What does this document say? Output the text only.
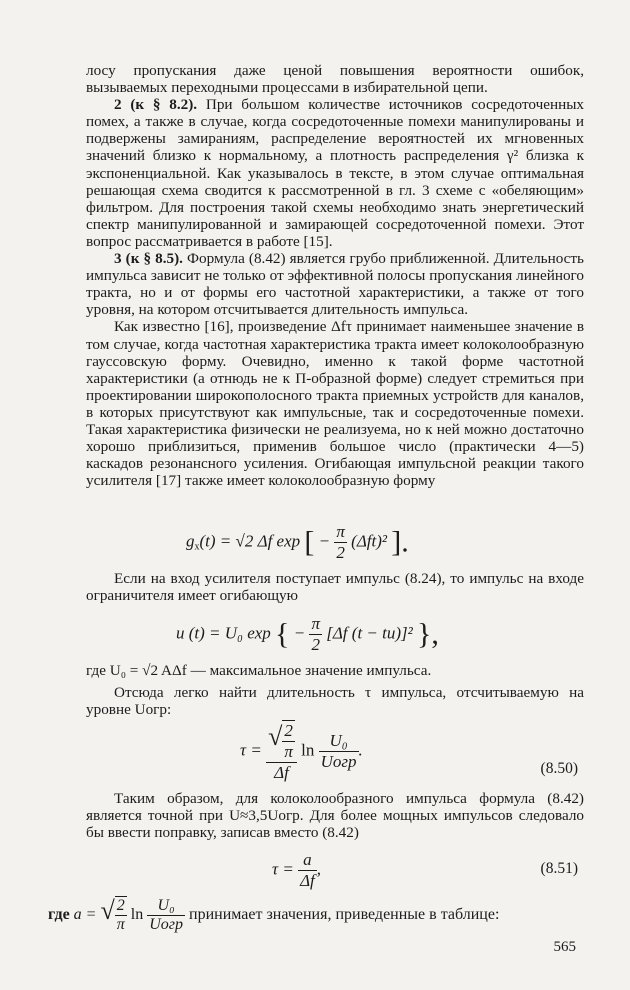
лосу пропускания даже ценой повышения вероятности ошибок, вызываемых переходными процессами в избирательной цепи.

2 (к § 8.2). При большом количестве источников сосредоточенных помех, а также в случае, когда сосредоточенные помехи манипулированы и подвержены замираниям, распределение вероятностей их мгновенных значений близко к нормальному, а плотность распределения γ² близка к экспоненциальной. Как указывалось в тексте, в этом случае оптимальная решающая схема сводится к рассмотренной в гл. 3 схеме с «обеляющим» фильтром. Для построения такой схемы необходимо знать энергетический спектр манипулированной и замирающей сосредоточенной помехи. Этот вопрос рассматривается в работе [15].

3 (к § 8.5). Формула (8.42) является грубо приближенной. Длительность импульса зависит не только от эффективной полосы пропускания линейного тракта, но и от формы его частотной характеристики, а также от того уровня, на котором отсчитывается длительность импульса.

Как известно [16], произведение Δfτ принимает наименьшее значение в том случае, когда частотная характеристика тракта имеет колоколообразную гауссовскую форму. Очевидно, именно к такой форме частотной характеристики (а отнюдь не к П-образной форме) следует стремиться при проектировании широкополосного тракта приемных устройств для каналов, в которых присутствуют как импульсные, так и сосредоточенные помехи. Такая характеристика физически не реализуема, но к ней можно достаточно хорошо приблизиться, применив большое число (практически 4—5) каскадов резонансного усиления. Огибающая импульсной реакции такого усилителя [17] также имеет колоколообразную форму

$g_x(t) = √2$ Δf exp [ − $\frac{\pi}{2} (\Delta ft)^2$ ].

Если на вход усилителя поступает импульс (8.24), то импульс на входе ограничителя имеет огибающую

u (t) = U₀ exp { − $\frac{\pi}{2} [\Delta f$ (t − tи)]² },

где U₀ = √2 AΔf — максимальное значение импульса.

Отсюда легко найти длительность τ импульса, отсчитываемую на уровне Uогр:

$\tau = \frac{√ \frac{2}{\pi}}{\Delta f}$ $\ln \frac{\text{U₀}}{\text{Uогр}}$ .
(8.50)

Таким образом, для колоколообразного импульса формула (8.42) является точной при U≈3,5Uогр. Для более мощных импульсов следовало бы ввести поправку, записав вместо (8.42)

$\tau = \frac{a}{\Delta f}$ ,	(8.51)
где a = √ $\frac{2}{\pi}$ $\ln \frac{\text{U₀}}{\text{Uогр}}$ принимает значения, приведенные в таблице:
565
